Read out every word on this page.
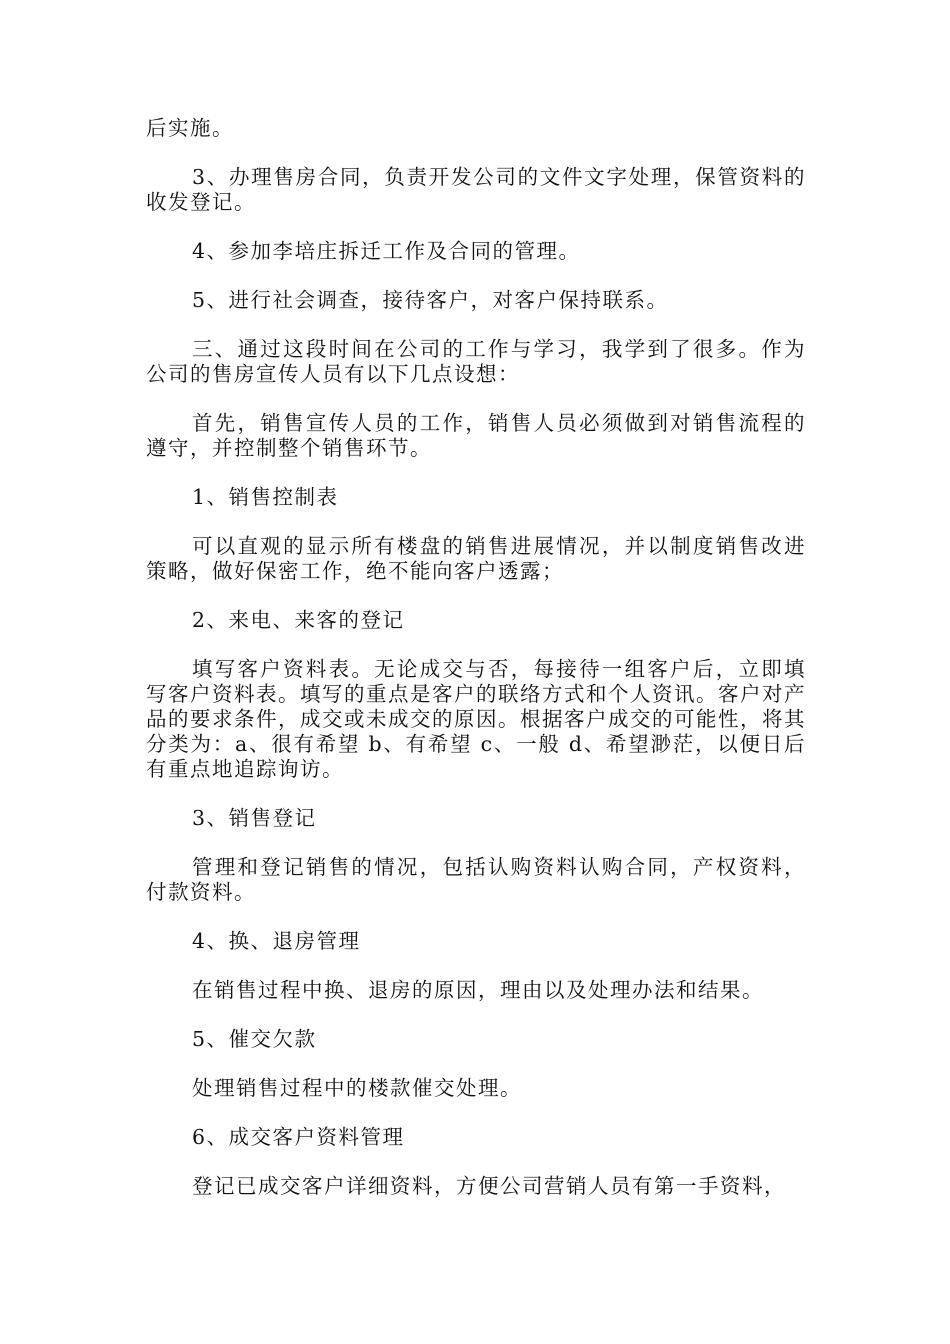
后实施。

3、办理售房合同，负责开发公司的文件文字处理，保管资料的收发登记。

4、参加李培庄拆迁工作及合同的管理。

5、进行社会调查，接待客户，对客户保持联系。

三、通过这段时间在公司的工作与学习，我学到了很多。作为公司的售房宣传人员有以下几点设想：

首先，销售宣传人员的工作，销售人员必须做到对销售流程的遵守，并控制整个销售环节。

1、销售控制表

可以直观的显示所有楼盘的销售进展情况，并以制度销售改进策略，做好保密工作，绝不能向客户透露；

2、来电、来客的登记

填写客户资料表。无论成交与否，每接待一组客户后，立即填写客户资料表。填写的重点是客户的联络方式和个人资讯。客户对产品的要求条件，成交或未成交的原因。根据客户成交的可能性，将其分类为：a、很有希望 b、有希望 c、一般 d、希望渺茫，以便日后有重点地追踪询访。

3、销售登记

管理和登记销售的情况，包括认购资料认购合同，产权资料，付款资料。

4、换、退房管理

在销售过程中换、退房的原因，理由以及处理办法和结果。

5、催交欠款

处理销售过程中的楼款催交处理。

6、成交客户资料管理

登记已成交客户详细资料，方便公司营销人员有第一手资料，
